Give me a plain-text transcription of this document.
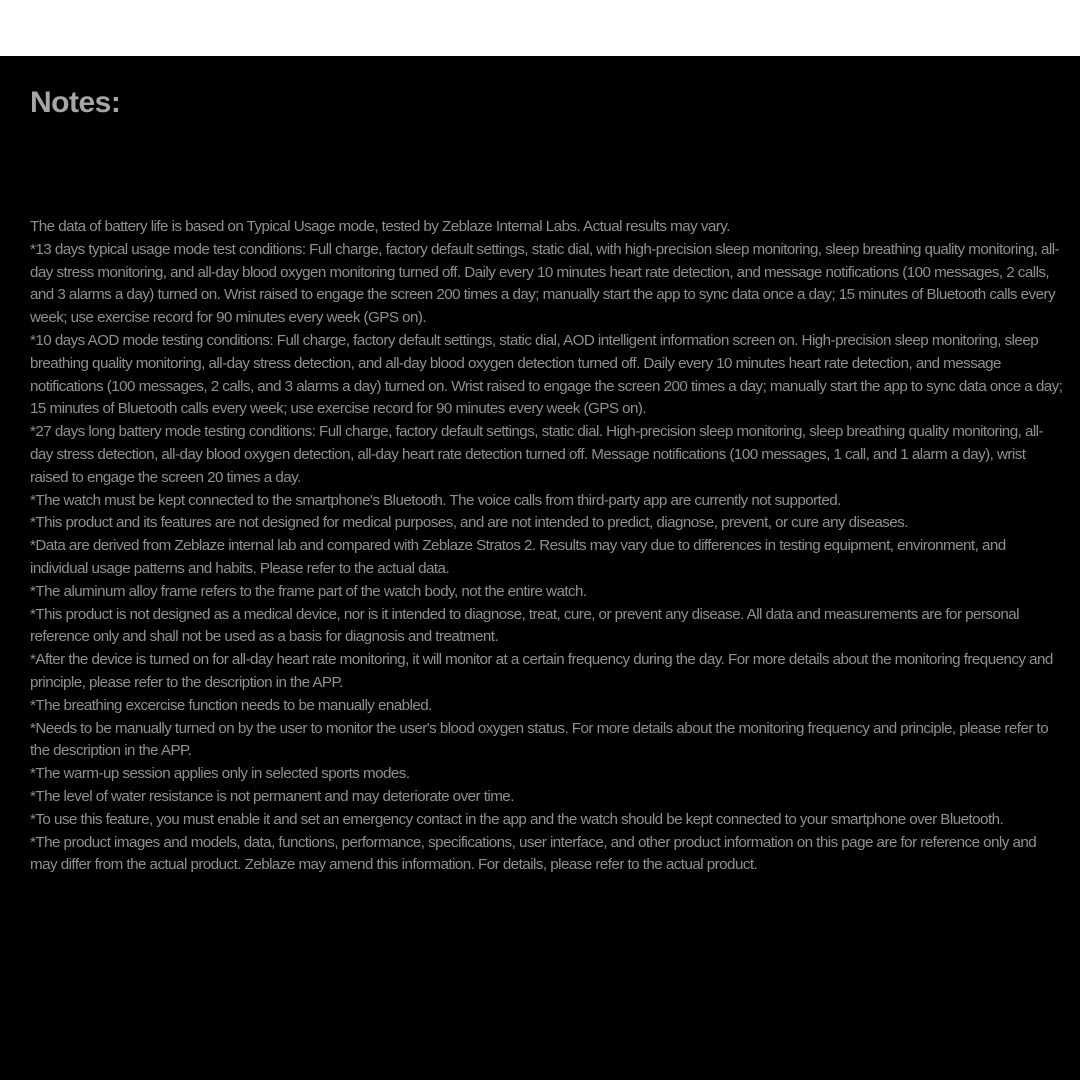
Notes:

The data of battery life is based on Typical Usage mode, tested by Zeblaze Internal Labs. Actual results may vary.

*13 days typical usage mode test conditions: Full charge, factory default settings, static dial, with high-precision sleep monitoring, sleep breathing quality monitoring, all-day stress monitoring, and all-day blood oxygen monitoring turned off. Daily every 10 minutes heart rate detection, and message notifications (100 messages, 2 calls, and 3 alarms a day) turned on. Wrist raised to engage the screen 200 times a day; manually start the app to sync data once a day; 15 minutes of Bluetooth calls every week; use exercise record for 90 minutes every week (GPS on).

*10 days AOD mode testing conditions: Full charge, factory default settings, static dial, AOD intelligent information screen on. High-precision sleep monitoring, sleep breathing quality monitoring, all-day stress detection, and all-day blood oxygen detection turned off. Daily every 10 minutes heart rate detection, and message notifications (100 messages, 2 calls, and 3 alarms a day) turned on. Wrist raised to engage the screen 200 times a day; manually start the app to sync data once a day; 15 minutes of Bluetooth calls every week; use exercise record for 90 minutes every week (GPS on).

*27 days long battery mode testing conditions: Full charge, factory default settings, static dial. High-precision sleep monitoring, sleep breathing quality monitoring, all-day stress detection, all-day blood oxygen detection, all-day heart rate detection turned off. Message notifications (100 messages, 1 call, and 1 alarm a day), wrist raised to engage the screen 20 times a day.

*The watch must be kept connected to the smartphone's Bluetooth. The voice calls from third-party app are currently not supported.

*This product and its features are not designed for medical purposes, and are not intended to predict, diagnose, prevent, or cure any diseases.

*Data are derived from Zeblaze internal lab and compared with Zeblaze Stratos 2. Results may vary due to differences in testing equipment, environment, and individual usage patterns and habits. Please refer to the actual data.

*The aluminum alloy frame refers to the frame part of the watch body, not the entire watch.

*This product is not designed as a medical device, nor is it intended to diagnose, treat, cure, or prevent any disease. All data and measurements are for personal reference only and shall not be used as a basis for diagnosis and treatment.

*After the device is turned on for all-day heart rate monitoring, it will monitor at a certain frequency during the day. For more details about the monitoring frequency and principle, please refer to the description in the APP.

*The breathing excercise function needs to be manually enabled.

*Needs to be manually turned on by the user to monitor the user's blood oxygen status. For more details about the monitoring frequency and principle, please refer to the description in the APP.

*The warm-up session applies only in selected sports modes.

*The level of water resistance is not permanent and may deteriorate over time.

*To use this feature, you must enable it and set an emergency contact in the app and the watch should be kept connected to your smartphone over Bluetooth.

*The product images and models, data, functions, performance, specifications, user interface, and other product information on this page are for reference only and may differ from the actual product. Zeblaze may amend this information. For details, please refer to the actual product.
